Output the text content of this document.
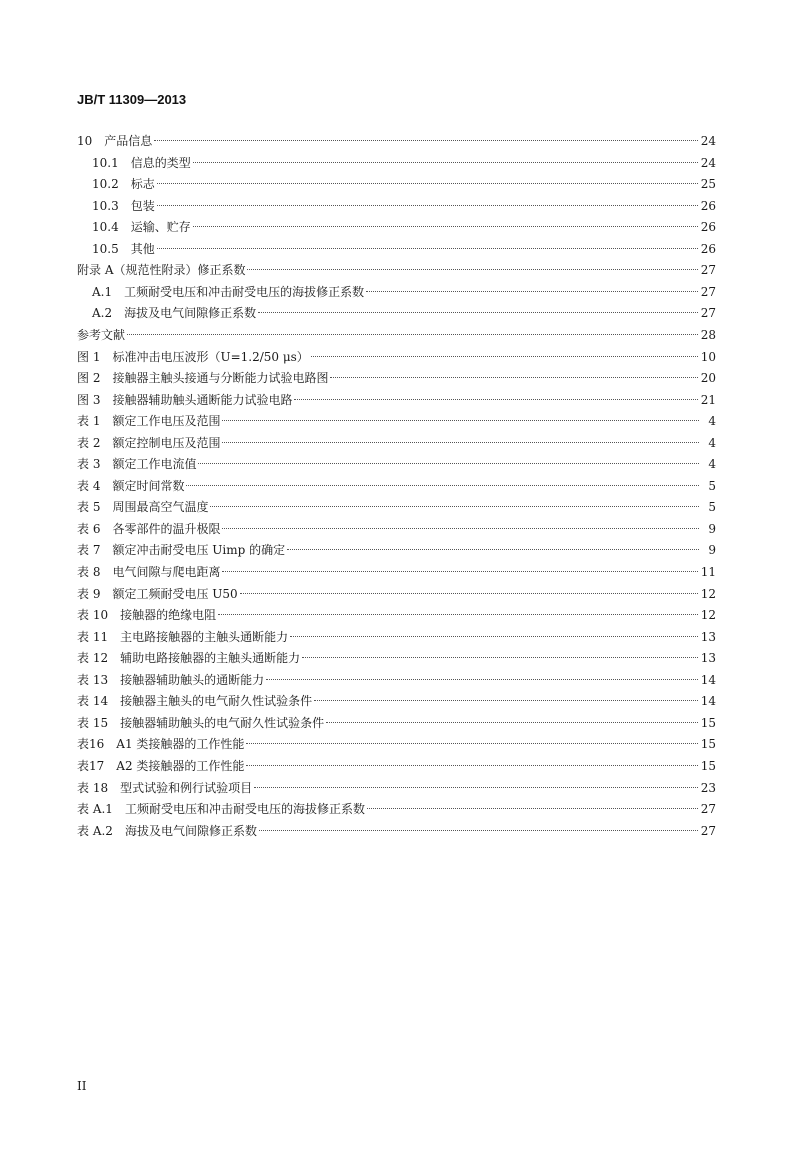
JB/T 11309—2013
10 产品信息	24
10.1 信息的类型	24
10.2 标志	25
10.3 包装	26
10.4 运输、贮存	26
10.5 其他	26
附录 A（规范性附录）修正系数	27
A.1 工频耐受电压和冲击耐受电压的海拔修正系数	27
A.2 海拔及电气间隙修正系数	27
参考文献	28
图 1 标准冲击电压波形（U=1.2/50 μs）	10
图 2 接触器主触头接通与分断能力试验电路图	20
图 3 接触器辅助触头通断能力试验电路	21
表 1 额定工作电压及范围	4
表 2 额定控制电压及范围	4
表 3 额定工作电流值	4
表 4 额定时间常数	5
表 5 周围最高空气温度	5
表 6 各零部件的温升极限	9
表 7 额定冲击耐受电压 Uimp 的确定	9
表 8 电气间隙与爬电距离	11
表 9 额定工频耐受电压 U50	12
表 10 接触器的绝缘电阻	12
表 11 主电路接触器的主触头通断能力	13
表 12 辅助电路接触器的主触头通断能力	13
表 13 接触器辅助触头的通断能力	14
表 14 接触器主触头的电气耐久性试验条件	14
表 15 接触器辅助触头的电气耐久性试验条件	15
表16 A1 类接触器的工作性能	15
表17 A2 类接触器的工作性能	15
表 18 型式试验和例行试验项目	23
表 A.1 工频耐受电压和冲击耐受电压的海拔修正系数	27
表 A.2 海拔及电气间隙修正系数	27
II
